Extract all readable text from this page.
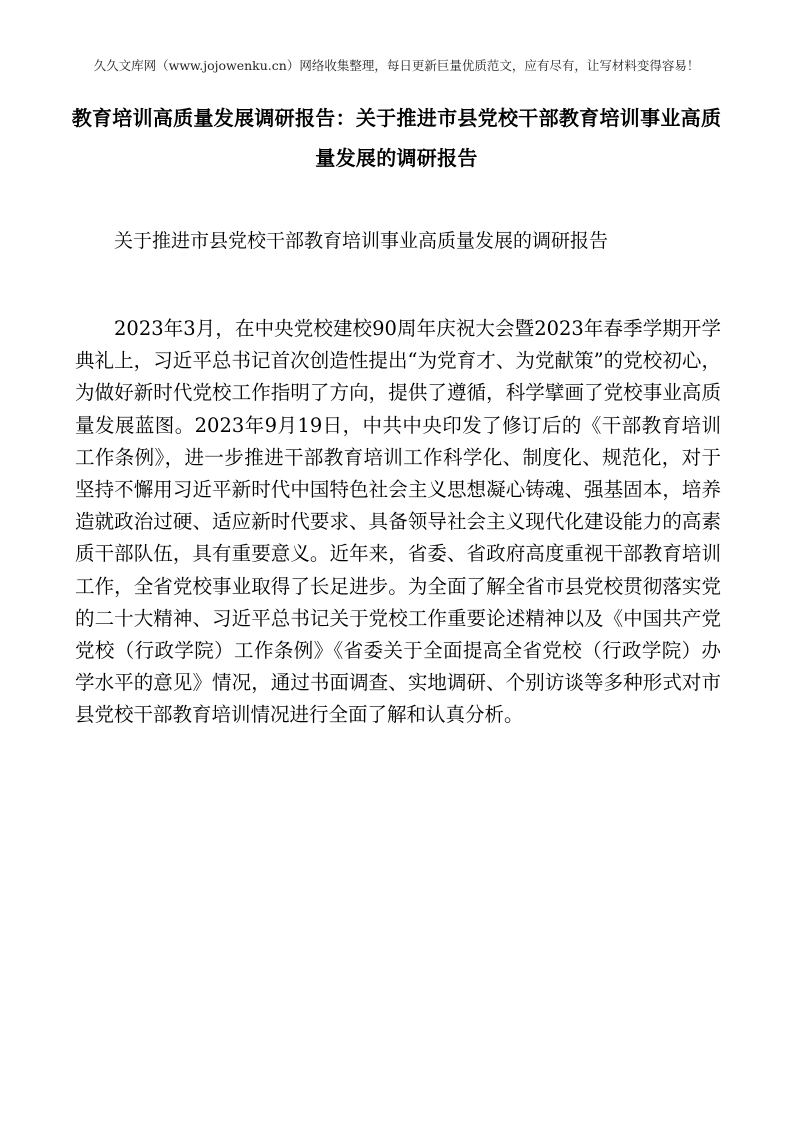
久久文库网（www.jojowenku.cn）网络收集整理，每日更新巨量优质范文，应有尽有，让写材料变得容易！
教育培训高质量发展调研报告：关于推进市县党校干部教育培训事业高质量发展的调研报告
关于推进市县党校干部教育培训事业高质量发展的调研报告

2023年3月，在中央党校建校90周年庆祝大会暨2023年春季学期开学典礼上，习近平总书记首次创造性提出“为党育才、为党献策”的党校初心，为做好新时代党校工作指明了方向，提供了遵循，科学擘画了党校事业高质量发展蓝图。2023年9月19日，中共中央印发了修订后的《干部教育培训工作条例》，进一步推进干部教育培训工作科学化、制度化、规范化，对于坚持不懈用习近平新时代中国特色社会主义思想凝心铸魂、强基固本，培养造就政治过硬、适应新时代要求、具备领导社会主义现代化建设能力的高素质干部队伍，具有重要意义。近年来，省委、省政府高度重视干部教育培训工作，全省党校事业取得了长足进步。为全面了解全省市县党校贯彻落实党的二十大精神、习近平总书记关于党校工作重要论述精神以及《中国共产党党校（行政学院）工作条例》《省委关于全面提高全省党校（行政学院）办学水平的意见》情况，通过书面调查、实地调研、个别访谈等多种形式对市县党校干部教育培训情况进行全面了解和认真分析。
